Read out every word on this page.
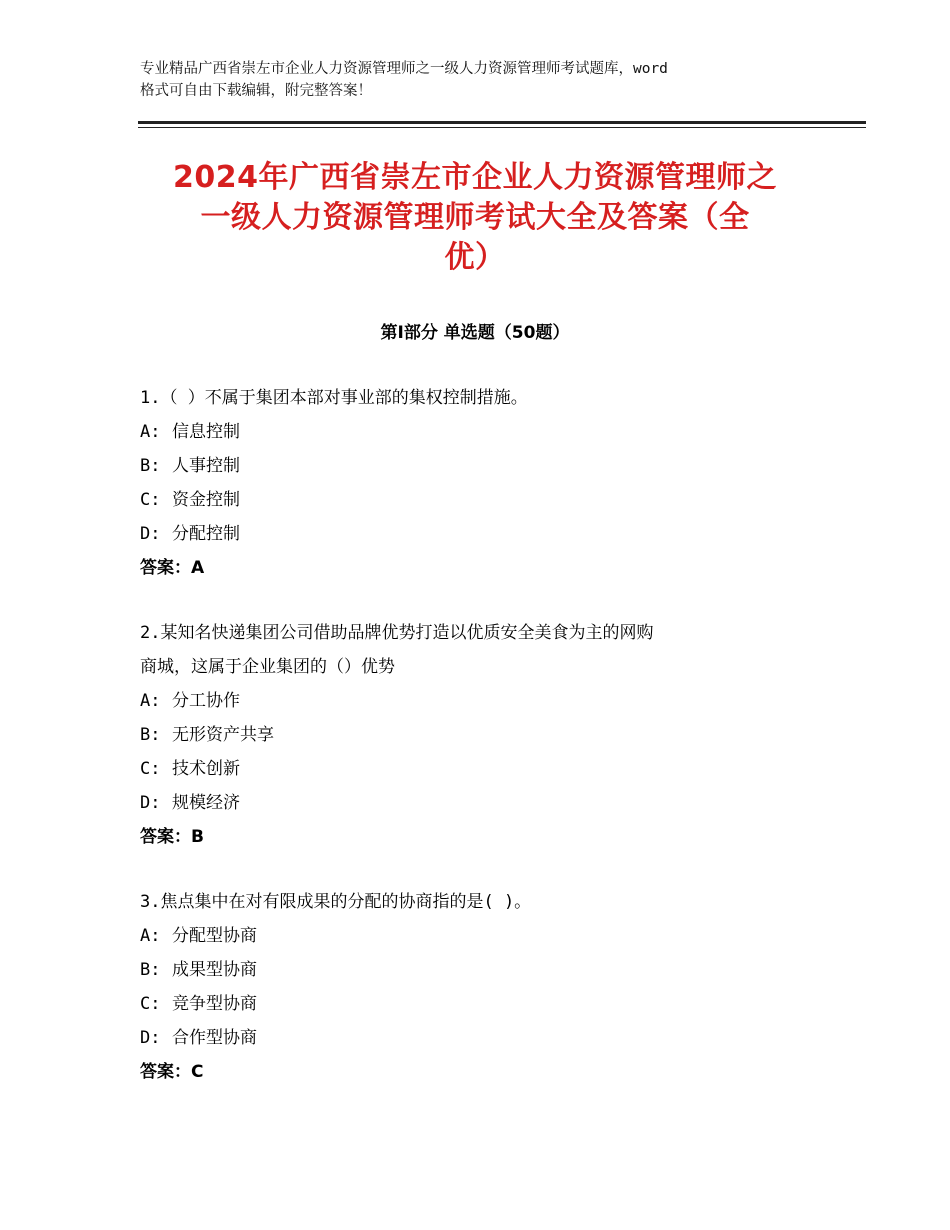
专业精品广西省崇左市企业人力资源管理师之一级人力资源管理师考试题库，word
格式可自由下载编辑，附完整答案！
2024年广西省崇左市企业人力资源管理师之
一级人力资源管理师考试大全及答案（全
优）
第Ⅰ部分 单选题（50题）
1.（ ）不属于集团本部对事业部的集权控制措施。
A: 信息控制
B: 人事控制
C: 资金控制
D: 分配控制
答案：A
2.某知名快递集团公司借助品牌优势打造以优质安全美食为主的网购
商城，这属于企业集团的（）优势
A: 分工协作
B: 无形资产共享
C: 技术创新
D: 规模经济
答案：B
3.焦点集中在对有限成果的分配的协商指的是( )。
A: 分配型协商
B: 成果型协商
C: 竞争型协商
D: 合作型协商
答案：C
